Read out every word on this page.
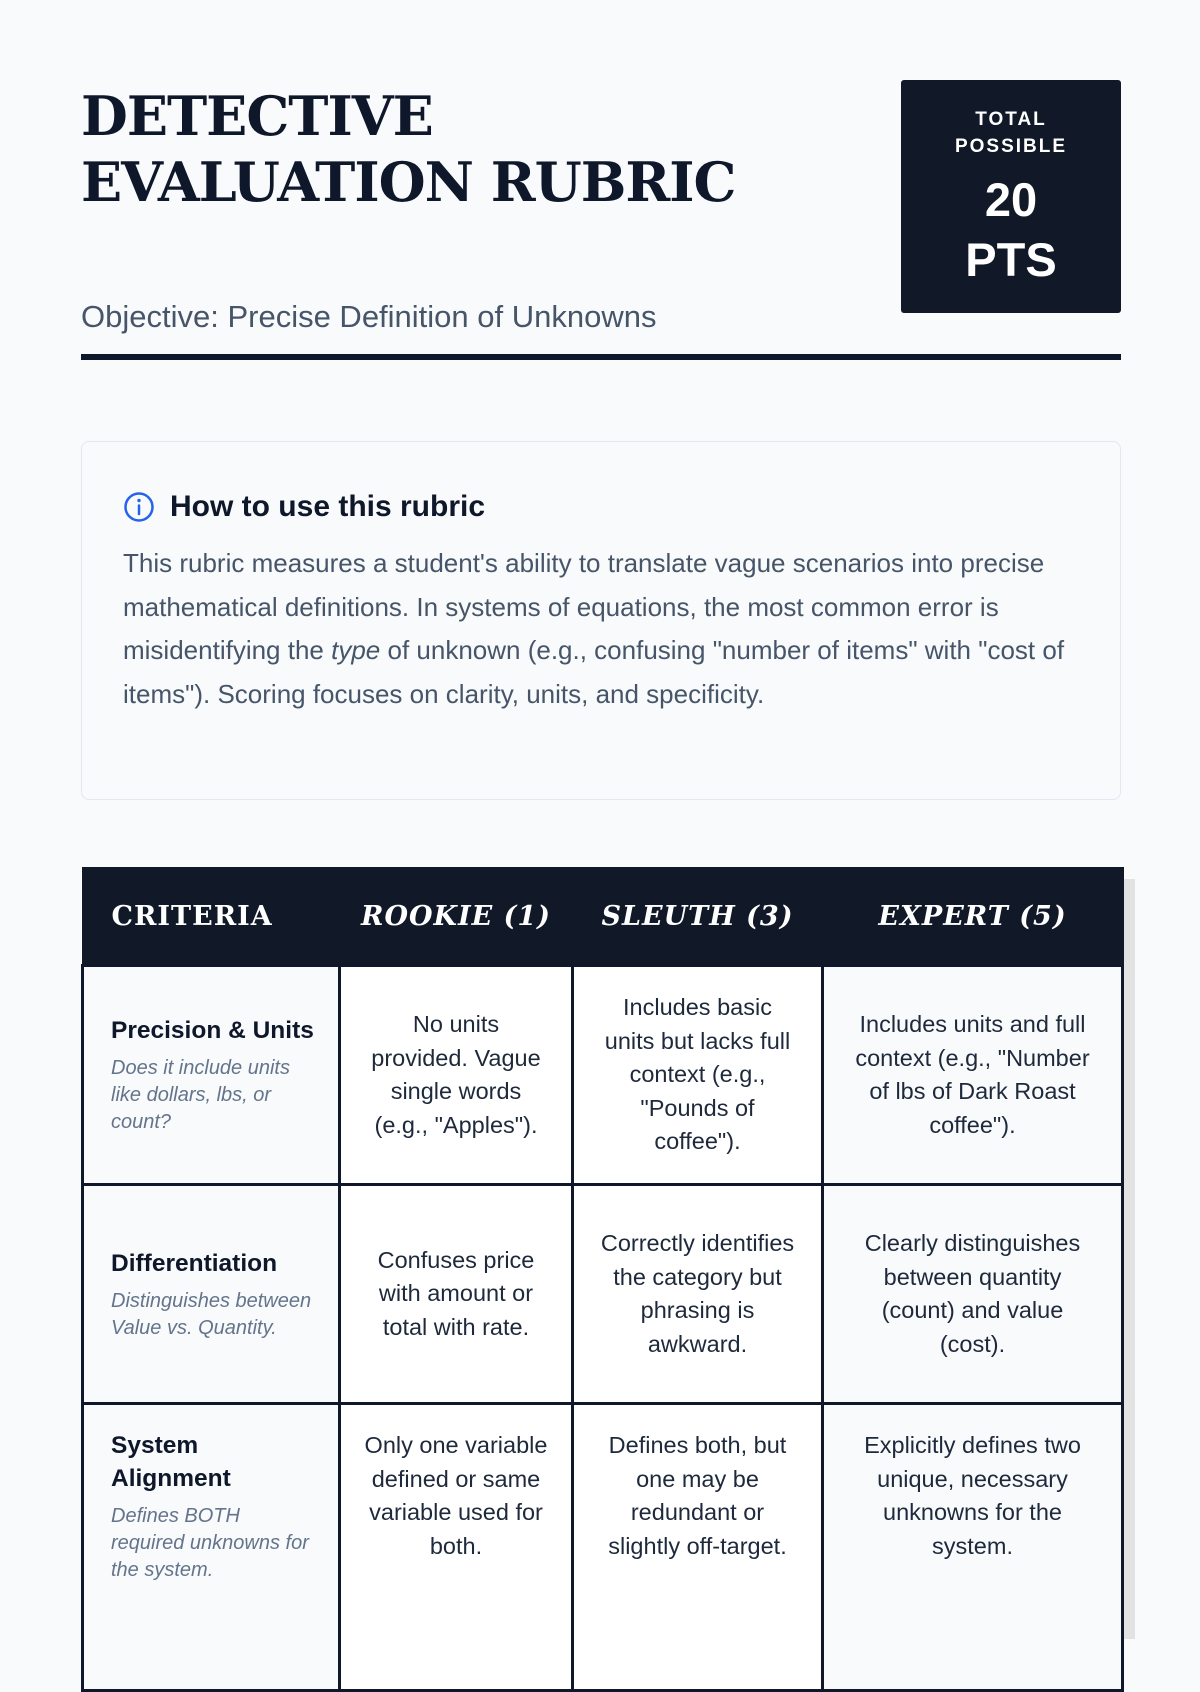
DETECTIVE EVALUATION RUBRIC

Objective: Precise Definition of Unknowns

TOTAL POSSIBLE
20
PTS
How to use this rubric

This rubric measures a student's ability to translate vague scenarios into precise mathematical definitions. In systems of equations, the most common error is misidentifying the type of unknown (e.g., confusing "number of items" with "cost of items"). Scoring focuses on clarity, units, and specificity.

CRITERIA	ROOKIE (1)	SLEUTH (3)	EXPERT (5)

Precision & Units
Does it include units like dollars, lbs, or count?	No units provided. Vague single words (e.g., "Apples").	Includes basic units but lacks full context (e.g., "Pounds of coffee").	Includes units and full context (e.g., "Number of lbs of Dark Roast coffee").

Differentiation
Distinguishes between Value vs. Quantity.	Confuses price with amount or total with rate.	Correctly identifies the category but phrasing is awkward.	Clearly distinguishes between quantity (count) and value (cost).

System Alignment
Defines BOTH required unknowns for the system.	Only one variable defined or same variable used for both.	Defines both, but one may be redundant or slightly off-target.	Explicitly defines two unique, necessary unknowns for the system.
